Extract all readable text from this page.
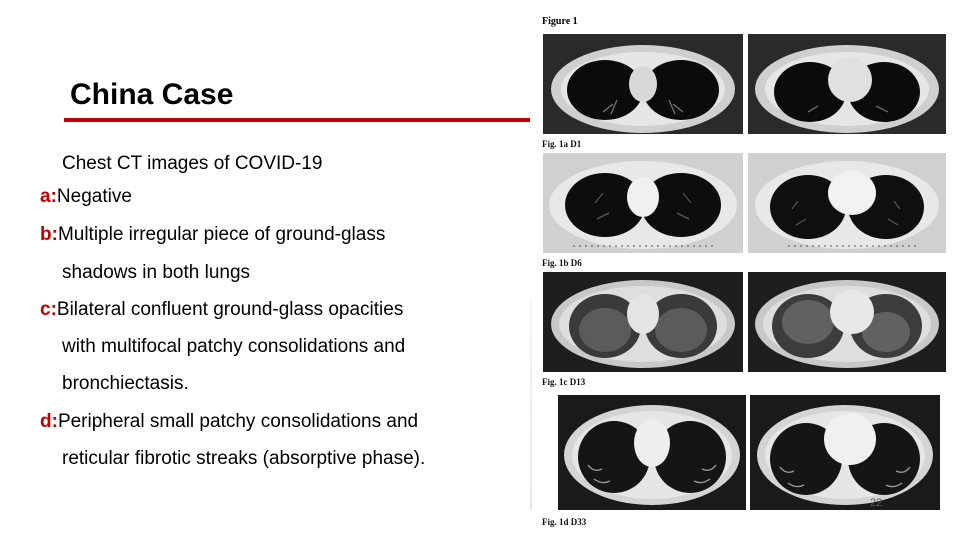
China Case
Chest CT images of COVID-19
a:Negative
b:Multiple irregular piece of ground-glass
shadows in both lungs
c:Bilateral confluent ground-glass opacities
with multifocal patchy consolidations and
bronchiectasis.
d:Peripheral small patchy consolidations and
reticular fibrotic streaks (absorptive phase).
Figure 1
Fig. 1a D1
Fig. 1b D6
Fig. 1c D13
Fig. 1d D33
22
